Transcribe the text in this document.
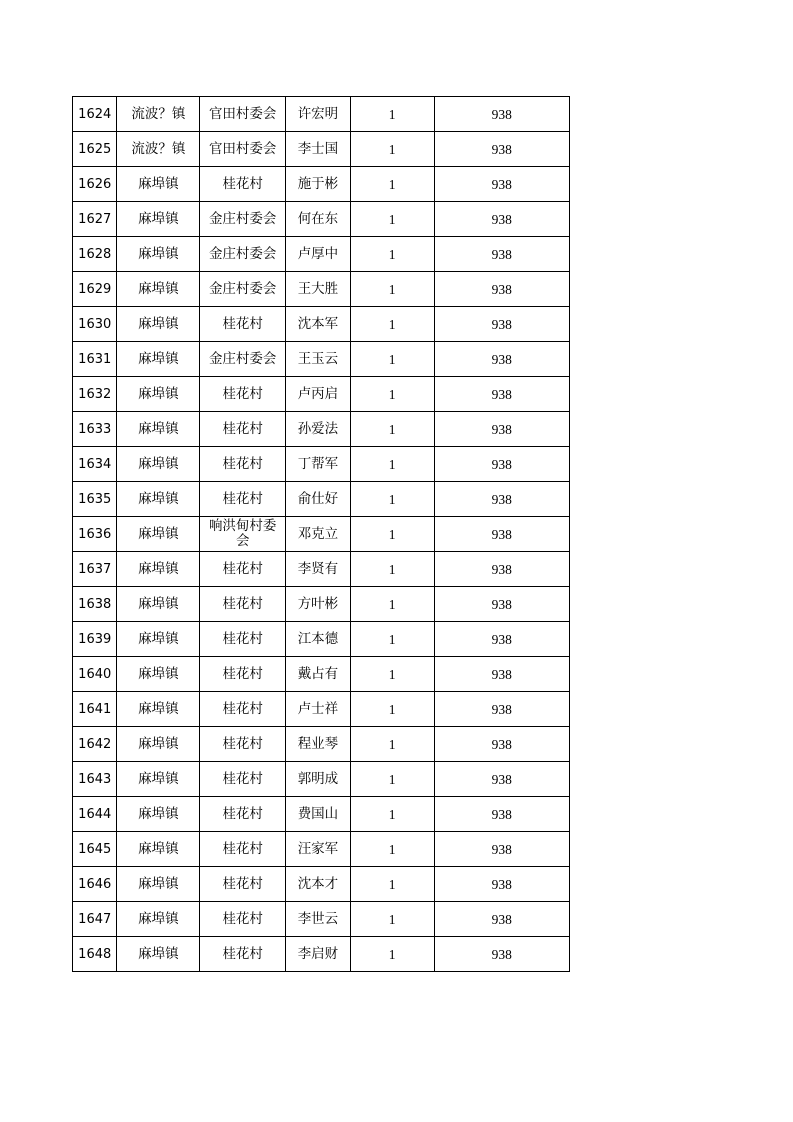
1624	流波？镇	官田村委会	许宏明	1	938

1625	流波？镇	官田村委会	李士国	1	938

1626	麻埠镇	桂花村	施于彬	1	938

1627	麻埠镇	金庄村委会	何在东	1	938

1628	麻埠镇	金庄村委会	卢厚中	1	938

1629	麻埠镇	金庄村委会	王大胜	1	938

1630	麻埠镇	桂花村	沈本军	1	938

1631	麻埠镇	金庄村委会	王玉云	1	938

1632	麻埠镇	桂花村	卢丙启	1	938

1633	麻埠镇	桂花村	孙爱法	1	938

1634	麻埠镇	桂花村	丁帮军	1	938

1635	麻埠镇	桂花村	俞仕好	1	938

1636	麻埠镇	响洪甸村委会	邓克立	1	938

1637	麻埠镇	桂花村	李贤有	1	938

1638	麻埠镇	桂花村	方叶彬	1	938

1639	麻埠镇	桂花村	江本德	1	938

1640	麻埠镇	桂花村	戴占有	1	938

1641	麻埠镇	桂花村	卢士祥	1	938

1642	麻埠镇	桂花村	程业琴	1	938

1643	麻埠镇	桂花村	郭明成	1	938

1644	麻埠镇	桂花村	费国山	1	938

1645	麻埠镇	桂花村	汪家军	1	938

1646	麻埠镇	桂花村	沈本才	1	938

1647	麻埠镇	桂花村	李世云	1	938

1648	麻埠镇	桂花村	李启财	1	938
